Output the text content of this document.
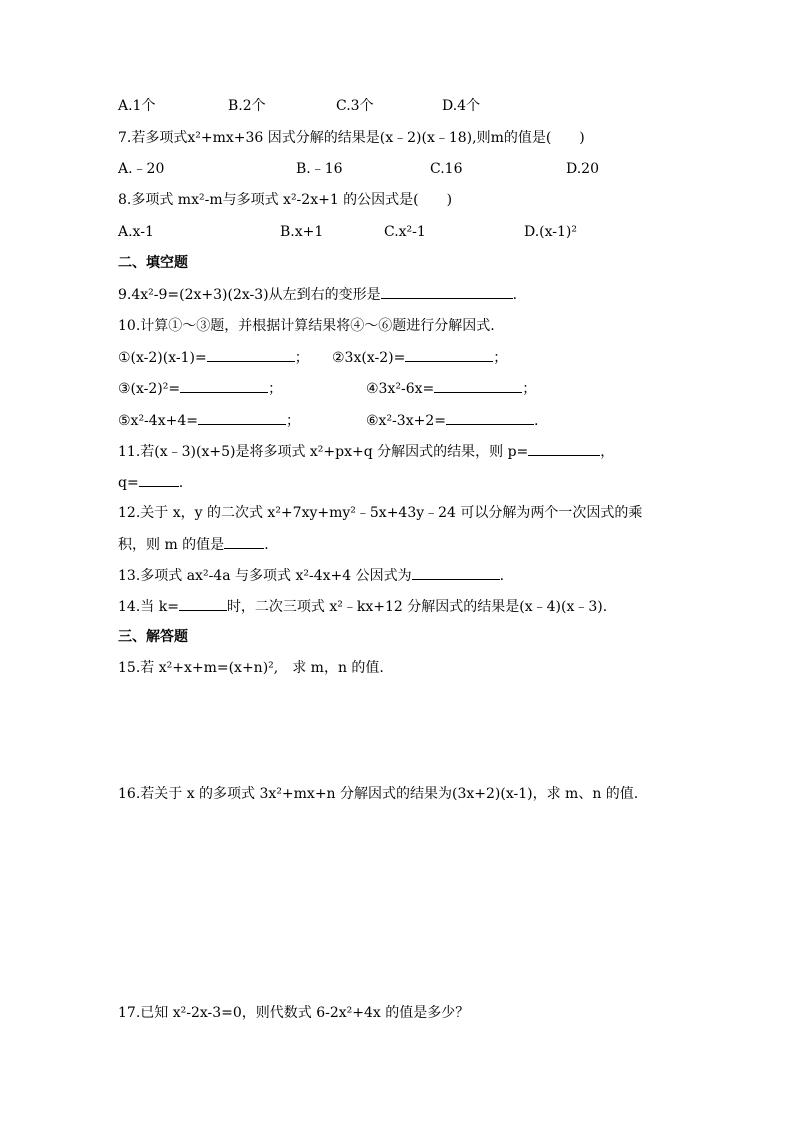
A.1个	B.2个	C.3个	D.4个
7.若多项式x²+mx+36 因式分解的结果是(x﹣2)(x﹣18),则m的值是(　　)
A.﹣20	B.﹣16	C.16	D.20
8.多项式 mx²-m与多项式 x²-2x+1 的公因式是(　　)
A.x-1	B.x+1	C.x²-1	D.(x-1)²
二、填空题
9.4x²-9=(2x+3)(2x-3)从左到右的变形是	.
10.计算①～③题，并根据计算结果将④～⑥题进行分解因式.
①(x-2)(x-1)=	； ②3x(x-2)=	；
③(x-2)²=	；	④3x²-6x=	；
⑤x²-4x+4=	；	⑥x²-3x+2=	.
11.若(x﹣3)(x+5)是将多项式 x²+px+q 分解因式的结果，则 p=	，
q=	.
12.关于 x，y 的二次式 x²+7xy+my²﹣5x+43y﹣24 可以分解为两个一次因式的乘
积，则 m 的值是	.
13.多项式 ax²-4a 与多项式 x²-4x+4 公因式为	.
14.当 k=	时，二次三项式 x²﹣kx+12 分解因式的结果是(x﹣4)(x﹣3).
三、解答题
15.若 x²+x+m=(x+n)²,　求 m，n 的值.
16.若关于 x 的多项式 3x²+mx+n 分解因式的结果为(3x+2)(x-1)，求 m、n 的值.
17.已知 x²-2x-3=0，则代数式 6-2x²+4x 的值是多少？
